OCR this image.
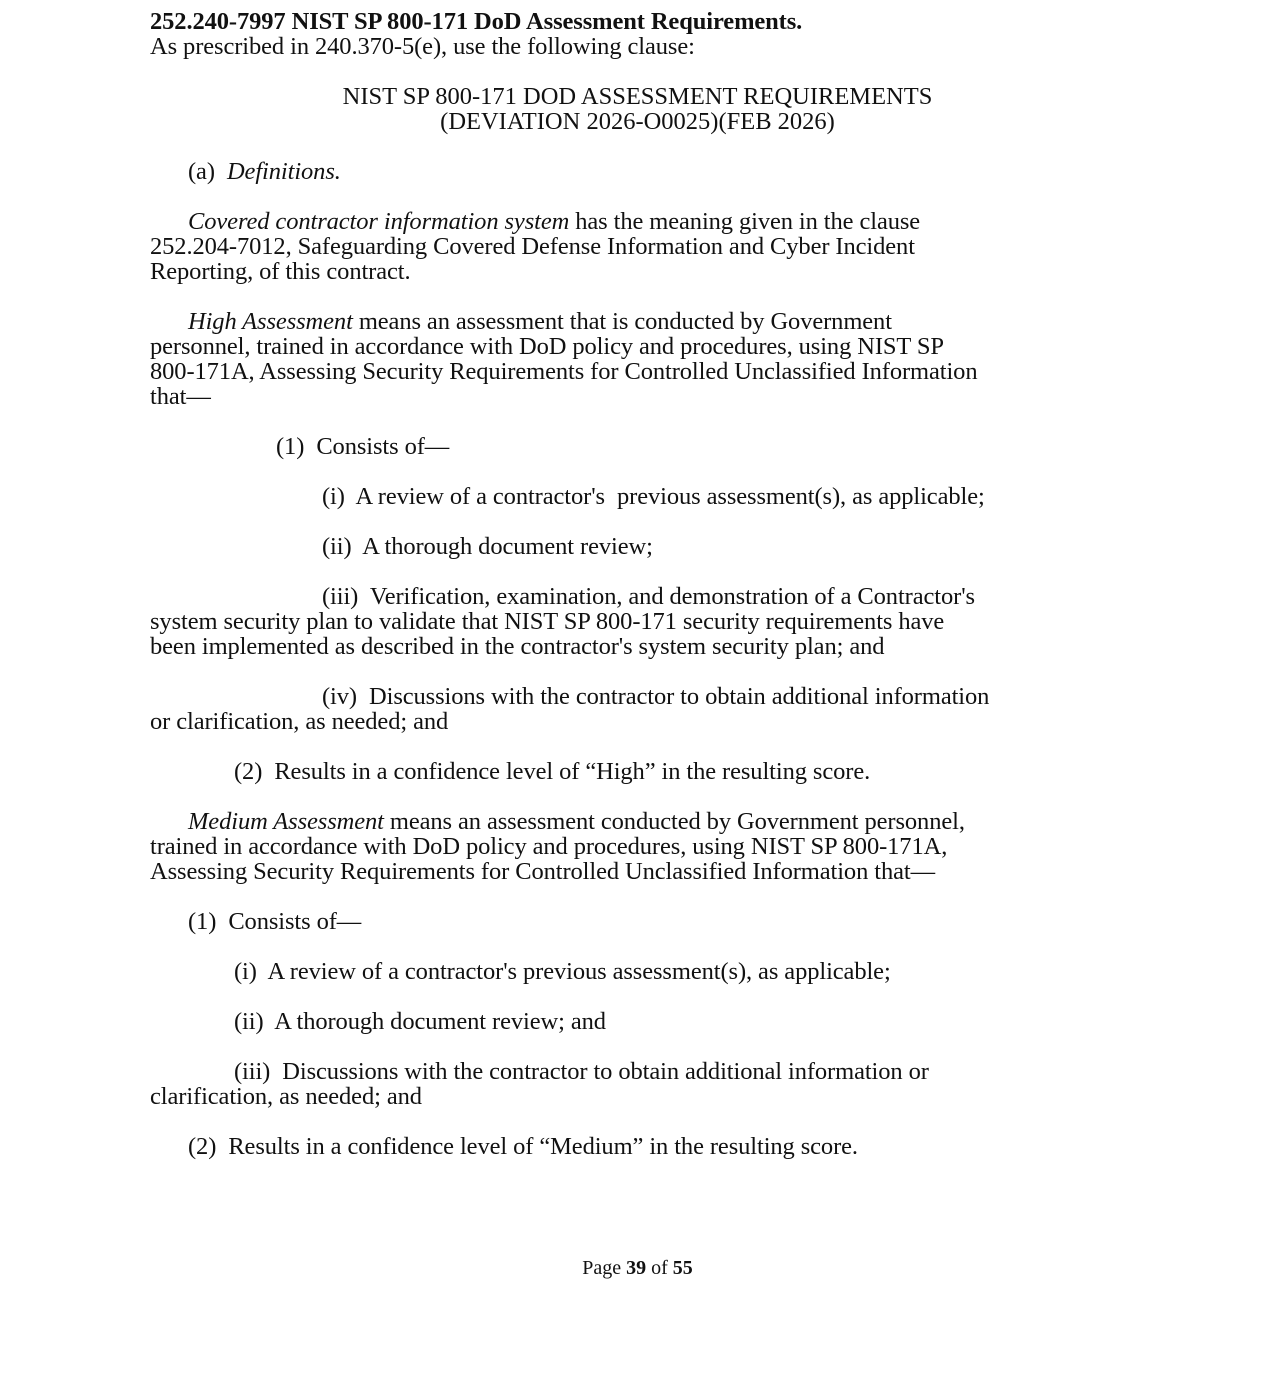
252.240-7997 NIST SP 800-171 DoD Assessment Requirements.
As prescribed in 240.370-5(e), use the following clause:
NIST SP 800-171 DOD ASSESSMENT REQUIREMENTS
(DEVIATION 2026-O0025)(FEB 2026)
(a) Definitions.
Covered contractor information system has the meaning given in the clause
252.204-7012, Safeguarding Covered Defense Information and Cyber Incident
Reporting, of this contract.
High Assessment means an assessment that is conducted by Government
personnel, trained in accordance with DoD policy and procedures, using NIST SP
800-171A, Assessing Security Requirements for Controlled Unclassified Information
that—
(1)  Consists of—
(i)  A review of a contractor's  previous assessment(s), as applicable;
(ii)  A thorough document review;
(iii)  Verification, examination, and demonstration of a Contractor's
system security plan to validate that NIST SP 800-171 security requirements have
been implemented as described in the contractor's system security plan; and
(iv)  Discussions with the contractor to obtain additional information
or clarification, as needed; and
(2)  Results in a confidence level of “High” in the resulting score.
Medium Assessment means an assessment conducted by Government personnel,
trained in accordance with DoD policy and procedures, using NIST SP 800-171A,
Assessing Security Requirements for Controlled Unclassified Information that—
(1)  Consists of—
(i)  A review of a contractor's previous assessment(s), as applicable;
(ii)  A thorough document review; and
(iii)  Discussions with the contractor to obtain additional information or
clarification, as needed; and
(2)  Results in a confidence level of “Medium” in the resulting score.
Page 39 of 55
